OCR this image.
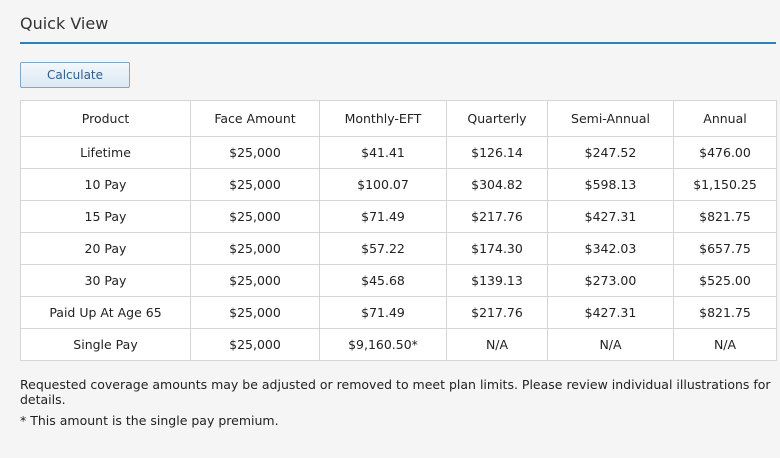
Quick View
Calculate
Product	Face Amount	Monthly-EFT	Quarterly	Semi-Annual	Annual
Lifetime	$25,000	$41.41	$126.14	$247.52	$476.00
10 Pay	$25,000	$100.07	$304.82	$598.13	$1,150.25
15 Pay	$25,000	$71.49	$217.76	$427.31	$821.75
20 Pay	$25,000	$57.22	$174.30	$342.03	$657.75
30 Pay	$25,000	$45.68	$139.13	$273.00	$525.00
Paid Up At Age 65	$25,000	$71.49	$217.76	$427.31	$821.75
Single Pay	$25,000	$9,160.50*	N/A	N/A	N/A
Requested coverage amounts may be adjusted or removed to meet plan limits. Please review individual illustrations for details.
* This amount is the single pay premium.
